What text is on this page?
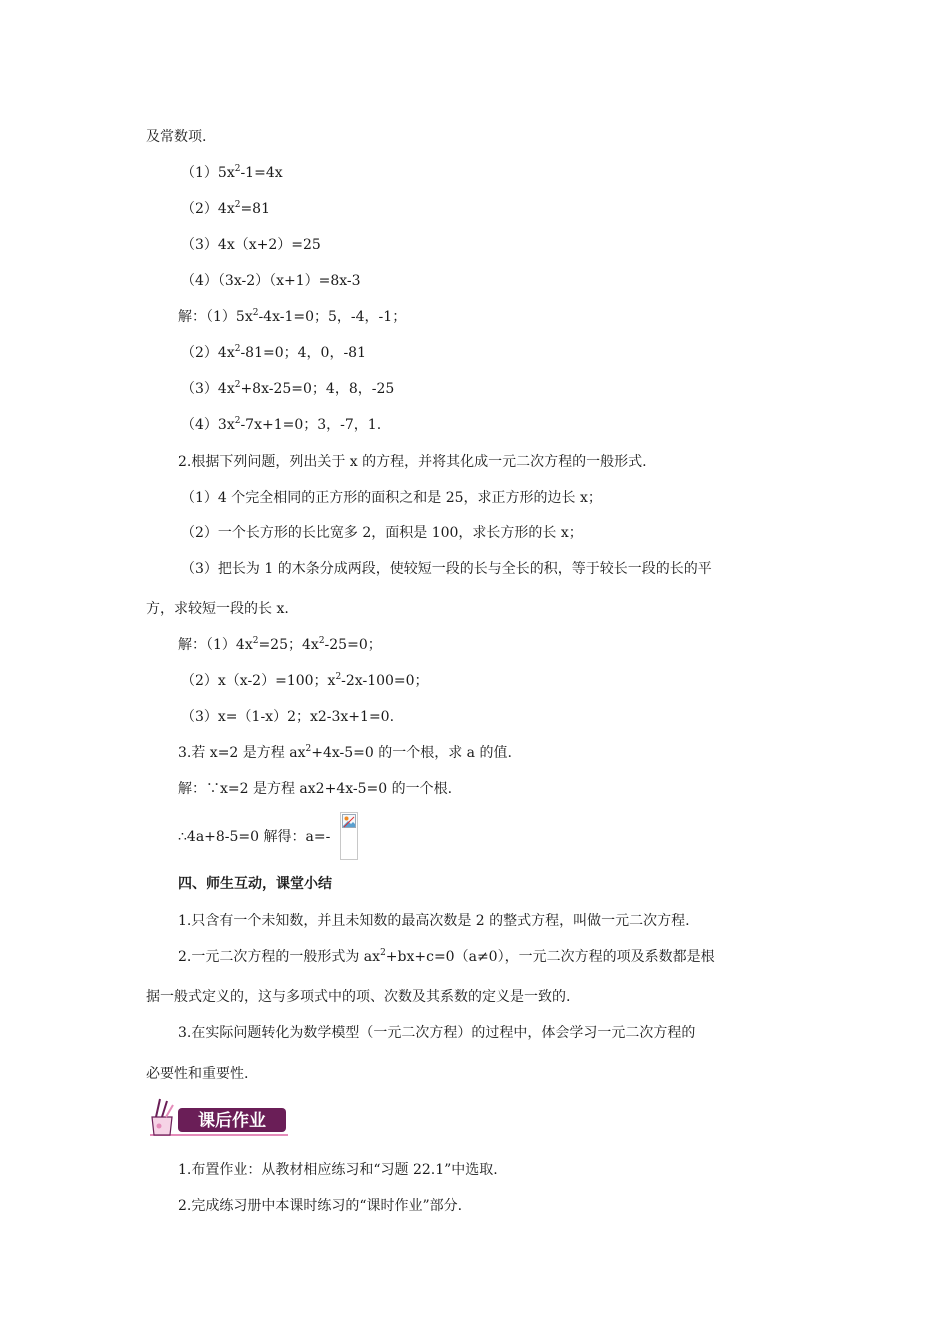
及常数项.
$(1)5x^2-1=4x$
$(2)4x^2=81$
（3）4x（x+2）=25
（4）（3x-2）（x+1）=8x-3
解：$(1)5x^2-4x-1=0$；5，-4，-1；
$(2)4x^2-81=0$；4，0，-81
$(3)4x^2+8x-25=0$；4，8，-25
$(4)3x^2-7x+1=0$；3，-7，1.
2.根据下列问题，列出关于 x 的方程，并将其化成一元二次方程的一般形式.
（1）4 个完全相同的正方形的面积之和是 25，求正方形的边长 x；
（2）一个长方形的长比宽多 2，面积是 100，求长方形的长 x；
（3）把长为 1 的木条分成两段，使较短一段的长与全长的积，等于较长一段的长的平
方，求较短一段的长 x.
解：$(1)4x^2=25$；$4x^2-25=0$；
（2）x（x-2）=100；$x^2-2x-100=0$；
（3）x=（1-x）2；x2-3x+1=0.
3.若 x=2 是方程 $ax^2+4x-5=0$ 的一个根，求 a 的值.
解：∵x=2 是方程 ax2+4x-5=0 的一个根.
∴4a+8-5=0 解得：a=-
四、师生互动，课堂小结
1.只含有一个未知数，并且未知数的最高次数是 2 的整式方程，叫做一元二次方程.
2.一元二次方程的一般形式为 $ax^2+bx+c=0(a\ne 0)$，一元二次方程的项及系数都是根
据一般式定义的，这与多项式中的项、次数及其系数的定义是一致的.
3.在实际问题转化为数学模型（一元二次方程）的过程中，体会学习一元二次方程的
必要性和重要性.
课后作业
1.布置作业：从教材相应练习和“习题 22.1”中选取.
2.完成练习册中本课时练习的“课时作业”部分.
